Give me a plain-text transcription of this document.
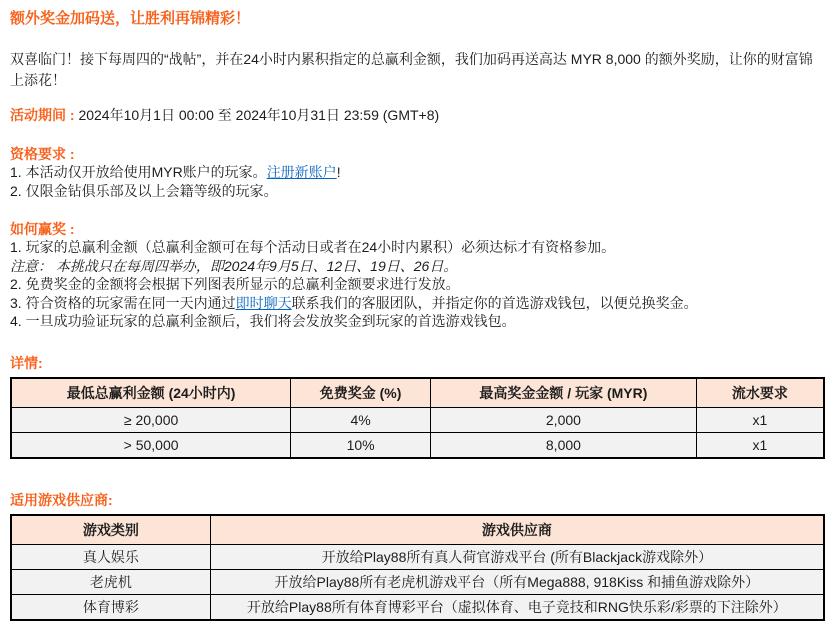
额外奖金加码送，让胜利再锦精彩！

双喜临门！接下每周四的“战帖”，并在24小时内累积指定的总赢利金额，我们加码再送高达 MYR 8,000 的额外奖励，让你的财富锦上添花！

活动期间 : 2024年10月1日 00:00 至 2024年10月31日 23:59 (GMT+8)

资格要求 :

1. 本活动仅开放给使用MYR账户的玩家。注册新账户!

2. 仅限金钻俱乐部及以上会籍等级的玩家。

如何赢奖 :

1. 玩家的总赢利金额（总赢利金额可在每个活动日或者在24小时内累积）必须达标才有资格参加。

注意： 本挑战只在每周四举办，即2024年9月5日、12日、19日、26日。

2. 免费奖金的金额将会根据下列图表所显示的总赢利金额要求进行发放。

3. 符合资格的玩家需在同一天内通过即时聊天联系我们的客服团队，并指定你的首选游戏钱包，以便兑换奖金。

4. 一旦成功验证玩家的总赢利金额后，我们将会发放奖金到玩家的首选游戏钱包。

详情:

最低总赢利金额 (24小时内)	免费奖金 (%)	最高奖金金额 / 玩家 (MYR)	流水要求
≥ 20,000	4%	2,000	x1
> 50,000	10%	8,000	x1

适用游戏供应商:

游戏类别	游戏供应商
真人娱乐	开放给Play88所有真人荷官游戏平台 (所有Blackjack游戏除外）
老虎机	开放给Play88所有老虎机游戏平台（所有Mega888, 918Kiss 和捕鱼游戏除外）
体育博彩	开放给Play88所有体育博彩平台（虚拟体育、电子竞技和RNG快乐彩/彩票的下注除外）
